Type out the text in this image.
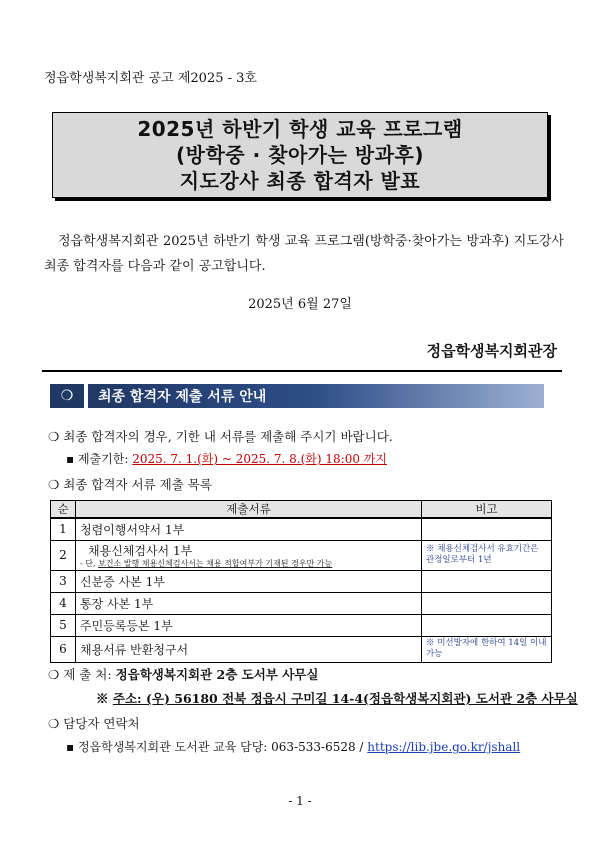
정읍학생복지회관 공고 제2025 - 3호
2025년 하반기 학생 교육 프로그램
(방학중 · 찾아가는 방과후)
지도강사 최종 합격자 발표
정읍학생복지회관 2025년 하반기 학생 교육 프로그램(방학중·찾아가는 방과후) 지도강사 최종 합격자를 다음과 같이 공고합니다.
2025년 6월 27일
정읍학생복지회관장
❍	최종 합격자 제출 서류 안내
❍ 최종 합격자의 경우, 기한 내 서류를 제출해 주시기 바랍니다.
▪ 제출기한: 2025. 7. 1.(화) ~ 2025. 7. 8.(화) 18:00 까지
❍ 최종 합격자 서류 제출 목록
순	제출서류	비고
1	청렴이행서약서 1부	
2	채용신체검사서 1부
- 단, 보건소 발행 채용신체검사서는 채용 적합여부가 기재된 경우만 가능	※ 채용신체검사서 유효기간은 관정일로부터 1년
3	신분증 사본 1부	
4	통장 사본 1부	
5	주민등록등본 1부	
6	채용서류 반환청구서	※ 미선발자에 한하여 14일 이내 가능
❍ 제 출 처: 정읍학생복지회관 2층 도서부 사무실
※ 주소: (우) 56180 전북 정읍시 구미길 14-4(정읍학생복지회관) 도서관 2층 사무실
❍ 담당자 연락처
▪ 정읍학생복지회관 도서관 교육 담당: 063-533-6528 / https://lib.jbe.go.kr/jshall
- 1 -
